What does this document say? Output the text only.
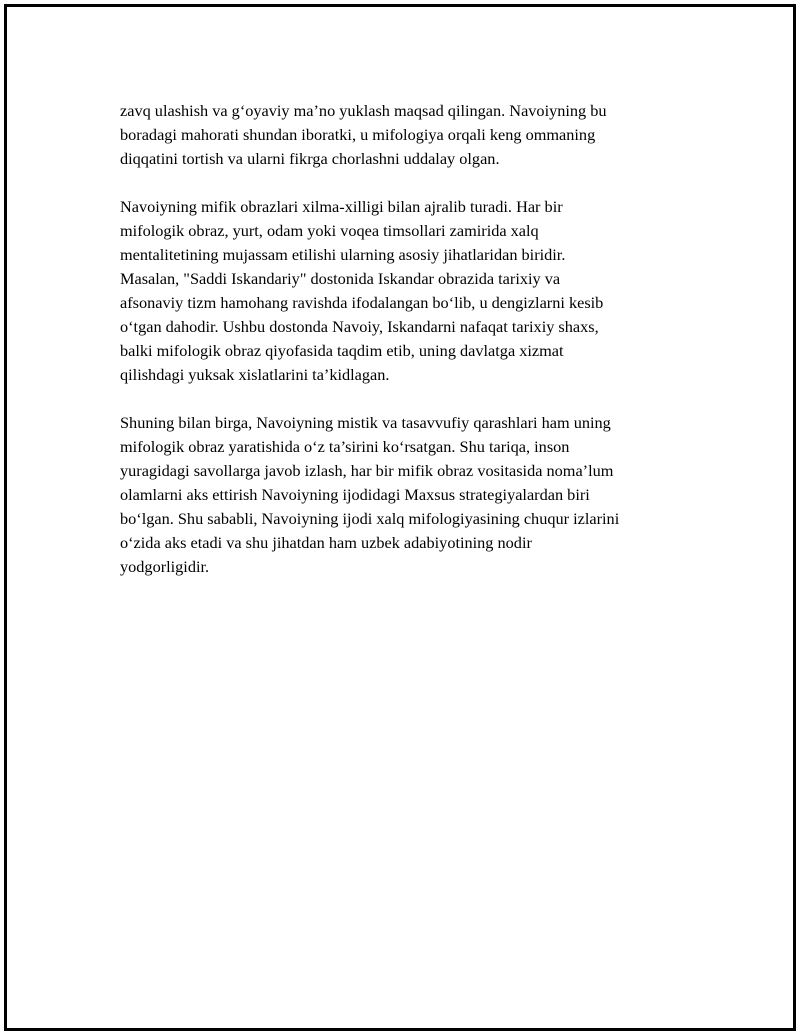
zavq ulashish va g‘oyaviy ma’no yuklash maqsad qilingan. Navoiyning bu
boradagi mahorati shundan iboratki, u mifologiya orqali keng ommaning
diqqatini tortish va ularni fikrga chorlashni uddalay olgan.

Navoiyning mifik obrazlari xilma-xilligi bilan ajralib turadi. Har bir
mifologik obraz, yurt, odam yoki voqea timsollari zamirida xalq
mentalitetining mujassam etilishi ularning asosiy jihatlaridan biridir.
Masalan, "Saddi Iskandariy" dostonida Iskandar obrazida tarixiy va
afsonaviy tizm hamohang ravishda ifodalangan bo‘lib, u dengizlarni kesib
o‘tgan dahodir. Ushbu dostonda Navoiy, Iskandarni nafaqat tarixiy shaxs,
balki mifologik obraz qiyofasida taqdim etib, uning davlatga xizmat
qilishdagi yuksak xislatlarini ta’kidlagan.

Shuning bilan birga, Navoiyning mistik va tasavvufiy qarashlari ham uning
mifologik obraz yaratishida o‘z ta’sirini ko‘rsatgan. Shu tariqa, inson
yuragidagi savollarga javob izlash, har bir mifik obraz vositasida noma’lum
olamlarni aks ettirish Navoiyning ijodidagi Maxsus strategiyalardan biri
bo‘lgan. Shu sababli, Navoiyning ijodi xalq mifologiyasining chuqur izlarini
o‘zida aks etadi va shu jihatdan ham uzbek adabiyotining nodir
yodgorligidir.
